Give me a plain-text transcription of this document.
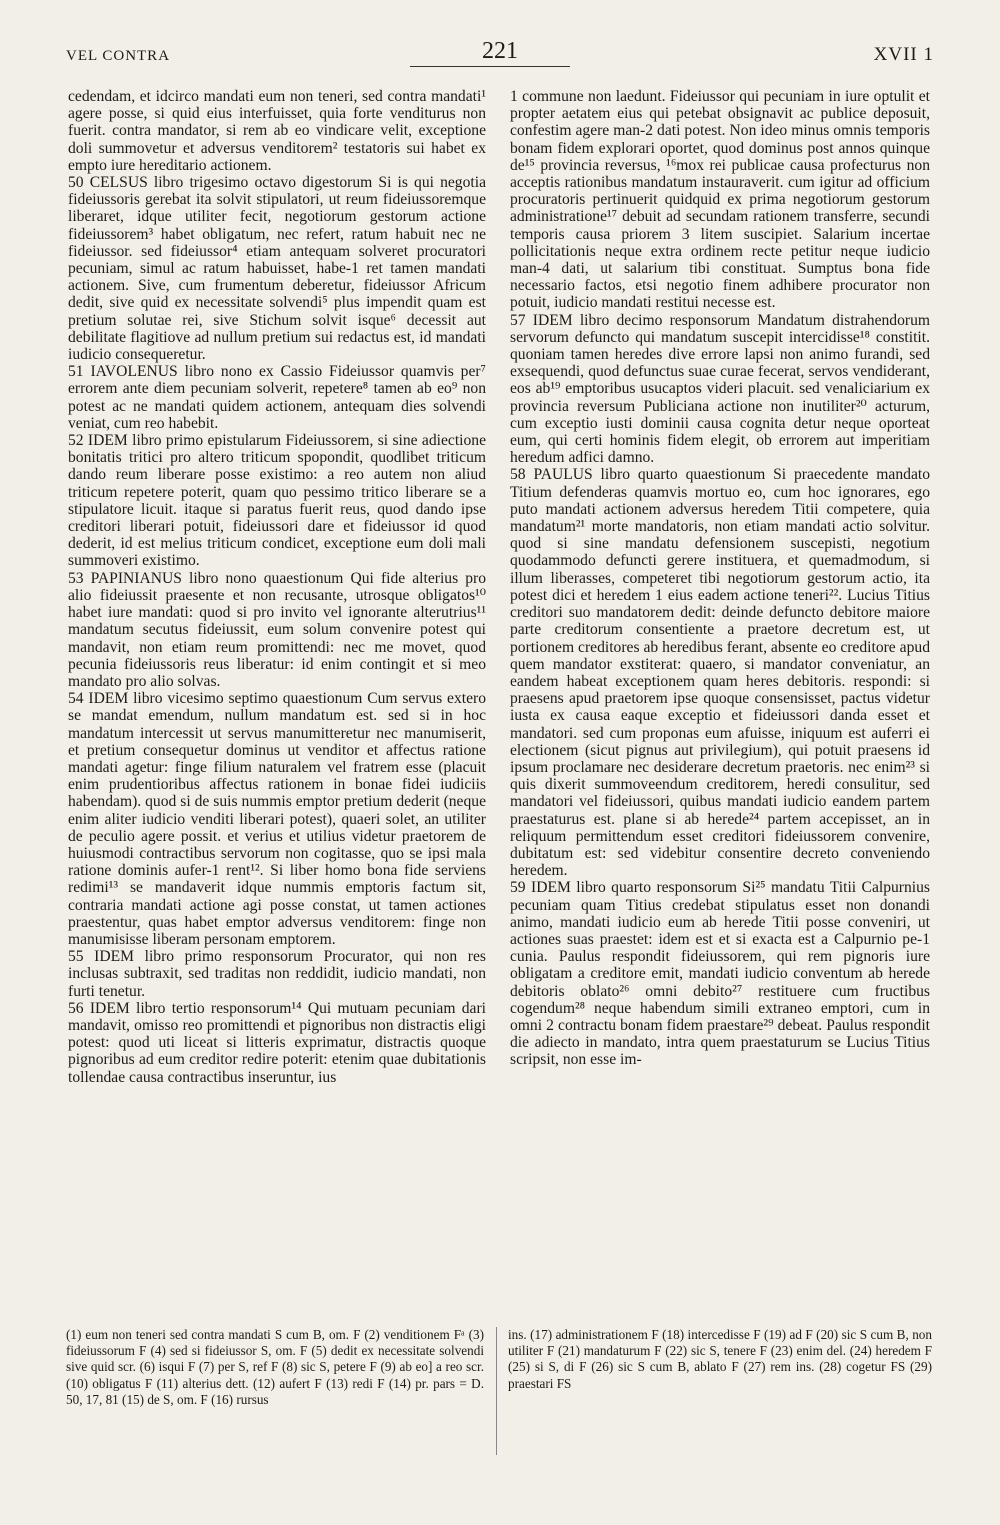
VEL CONTRA	221	XVII 1

cedendam, et idcirco mandati eum non teneri, sed contra mandati¹ agere posse, si quid eius interfuisset, quia forte venditurus non fuerit. contra mandator, si rem ab eo vindicare velit, exceptione doli summovetur et adversus venditorem² testatoris sui habet ex empto iure hereditario actionem.

50 CELSUS libro trigesimo octavo digestorum Si is qui negotia fideiussoris gerebat ita solvit stipulatori, ut reum fideiussoremque liberaret, idque utiliter fecit, negotiorum gestorum actione fideiussorem³ habet obligatum, nec refert, ratum habuit nec ne fideiussor. sed fideiussor⁴ etiam antequam solveret procuratori pecuniam, simul ac ratum habuisset, habe-1 ret tamen mandati actionem. Sive, cum frumentum deberetur, fideiussor Africum dedit, sive quid ex necessitate solvendi⁵ plus impendit quam est pretium solutae rei, sive Stichum solvit isque⁶ decessit aut debilitate flagitiove ad nullum pretium sui redactus est, id mandati iudicio consequeretur.

51 IAVOLENUS libro nono ex Cassio Fideiussor quamvis per⁷ errorem ante diem pecuniam solverit, repetere⁸ tamen ab eo⁹ non potest ac ne mandati quidem actionem, antequam dies solvendi veniat, cum reo habebit.

52 IDEM libro primo epistularum Fideiussorem, si sine adiectione bonitatis tritici pro altero triticum spopondit, quodlibet triticum dando reum liberare posse existimo: a reo autem non aliud triticum repetere poterit, quam quo pessimo tritico liberare se a stipulatore licuit. itaque si paratus fuerit reus, quod dando ipse creditori liberari potuit, fideiussori dare et fideiussor id quod dederit, id est melius triticum condicet, exceptione eum doli mali summoveri existimo.

53 PAPINIANUS libro nono quaestionum Qui fide alterius pro alio fideiussit praesente et non recusante, utrosque obligatos¹⁰ habet iure mandati: quod si pro invito vel ignorante alterutrius¹¹ mandatum secutus fideiussit, eum solum convenire potest qui mandavit, non etiam reum promittendi: nec me movet, quod pecunia fideiussoris reus liberatur: id enim contingit et si meo mandato pro alio solvas.

54 IDEM libro vicesimo septimo quaestionum Cum servus extero se mandat emendum, nullum mandatum est. sed si in hoc mandatum intercessit ut servus manumitteretur nec manumiserit, et pretium consequetur dominus ut venditor et affectus ratione mandati agetur: finge filium naturalem vel fratrem esse (placuit enim prudentioribus affectus rationem in bonae fidei iudiciis habendam). quod si de suis nummis emptor pretium dederit (neque enim aliter iudicio venditi liberari potest), quaeri solet, an utiliter de peculio agere possit. et verius et utilius videtur praetorem de huiusmodi contractibus servorum non cogitasse, quo se ipsi mala ratione dominis aufer-1 rent¹². Si liber homo bona fide serviens redimi¹³ se mandaverit idque nummis emptoris factum sit, contraria mandati actione agi posse constat, ut tamen actiones praestentur, quas habet emptor adversus venditorem: finge non manumisisse liberam personam emptorem.

55 IDEM libro primo responsorum Procurator, qui non res inclusas subtraxit, sed traditas non reddidit, iudicio mandati, non furti tenetur.

56 IDEM libro tertio responsorum¹⁴ Qui mutuam pecuniam dari mandavit, omisso reo promittendi et pignoribus non distractis eligi potest: quod uti liceat si litteris exprimatur, distractis quoque pignoribus ad eum creditor redire poterit: etenim quae dubitationis tollendae causa contractibus inseruntur, ius

1 commune non laedunt. Fideiussor qui pecuniam in iure optulit et propter aetatem eius qui petebat obsignavit ac publice deposuit, confestim agere man-2 dati potest. Non ideo minus omnis temporis bonam fidem explorari oportet, quod dominus post annos quinque de¹⁵ provincia reversus, ¹⁶mox rei publicae causa profecturus non acceptis rationibus mandatum instauraverit. cum igitur ad officium procuratoris pertinuerit quidquid ex prima negotiorum gestorum administratione¹⁷ debuit ad secundam rationem transferre, secundi temporis causa priorem 3 litem suscipiet. Salarium incertae pollicitationis neque extra ordinem recte petitur neque iudicio man-4 dati, ut salarium tibi constituat. Sumptus bona fide necessario factos, etsi negotio finem adhibere procurator non potuit, iudicio mandati restitui necesse est.

57 IDEM libro decimo responsorum Mandatum distrahendorum servorum defuncto qui mandatum suscepit intercidisse¹⁸ constitit. quoniam tamen heredes dive errore lapsi non animo furandi, sed exsequendi, quod defunctus suae curae fecerat, servos vendiderant, eos ab¹⁹ emptoribus usucaptos videri placuit. sed venaliciarium ex provincia reversum Publiciana actione non inutiliter²⁰ acturum, cum exceptio iusti dominii causa cognita detur neque oporteat eum, qui certi hominis fidem elegit, ob errorem aut imperitiam heredum adfici damno.

58 PAULUS libro quarto quaestionum Si praecedente mandato Titium defenderas quamvis mortuo eo, cum hoc ignorares, ego puto mandati actionem adversus heredem Titii competere, quia mandatum²¹ morte mandatoris, non etiam mandati actio solvitur. quod si sine mandatu defensionem suscepisti, negotium quodammodo defuncti gerere instituera, et quemadmodum, si illum liberasses, competeret tibi negotiorum gestorum actio, ita potest dici et heredem 1 eius eadem actione teneri²². Lucius Titius creditori suo mandatorem dedit: deinde defuncto debitore maiore parte creditorum consentiente a praetore decretum est, ut portionem creditores ab heredibus ferant, absente eo creditore apud quem mandator exstiterat: quaero, si mandator conveniatur, an eandem habeat exceptionem quam heres debitoris. respondi: si praesens apud praetorem ipse quoque consensisset, pactus videtur iusta ex causa eaque exceptio et fideiussori danda esset et mandatori. sed cum proponas eum afuisse, iniquum est auferri ei electionem (sicut pignus aut privilegium), qui potuit praesens id ipsum proclamare nec desiderare decretum praetoris. nec enim²³ si quis dixerit summoveendum creditorem, heredi consulitur, sed mandatori vel fideiussori, quibus mandati iudicio eandem partem praestaturus est. plane si ab herede²⁴ partem accepisset, an in reliquum permittendum esset creditori fideiussorem convenire, dubitatum est: sed videbitur consentire decreto conveniendo heredem.

59 IDEM libro quarto responsorum Si²⁵ mandatu Titii Calpurnius pecuniam quam Titius credebat stipulatus esset non donandi animo, mandati iudicio eum ab herede Titii posse conveniri, ut actiones suas praestet: idem est et si exacta est a Calpurnio pe-1 cunia. Paulus respondit fideiussorem, qui rem pignoris iure obligatam a creditore emit, mandati iudicio conventum ab herede debitoris oblato²⁶ omni debito²⁷ restituere cum fructibus cogendum²⁸ neque habendum simili extraneo emptori, cum in omni 2 contractu bonam fidem praestare²⁹ debeat. Paulus respondit die adiecto in mandato, intra quem praestaturum se Lucius Titius scripsit, non esse im-

(1) eum non teneri sed contra mandati S cum B, om. F (2) venditionem Fᵃ (3) fideiussorum F (4) sed si fideiussor S, om. F (5) dedit ex necessitate solvendi sive quid scr. (6) isqui F (7) per S, ref F (8) sic S, petere F (9) ab eo] a reo scr. (10) obligatus F (11) alterius dett. (12) aufert F (13) redi F (14) pr. pars = D. 50, 17, 81 (15) de S, om. F (16) rursus

ins. (17) administrationem F (18) intercedisse F (19) ad F (20) sic S cum B, non utiliter F (21) mandaturum F (22) sic S, tenere F (23) enim del. (24) heredem F (25) si S, di F (26) sic S cum B, ablato F (27) rem ins. (28) cogetur FS (29) praestari FS
